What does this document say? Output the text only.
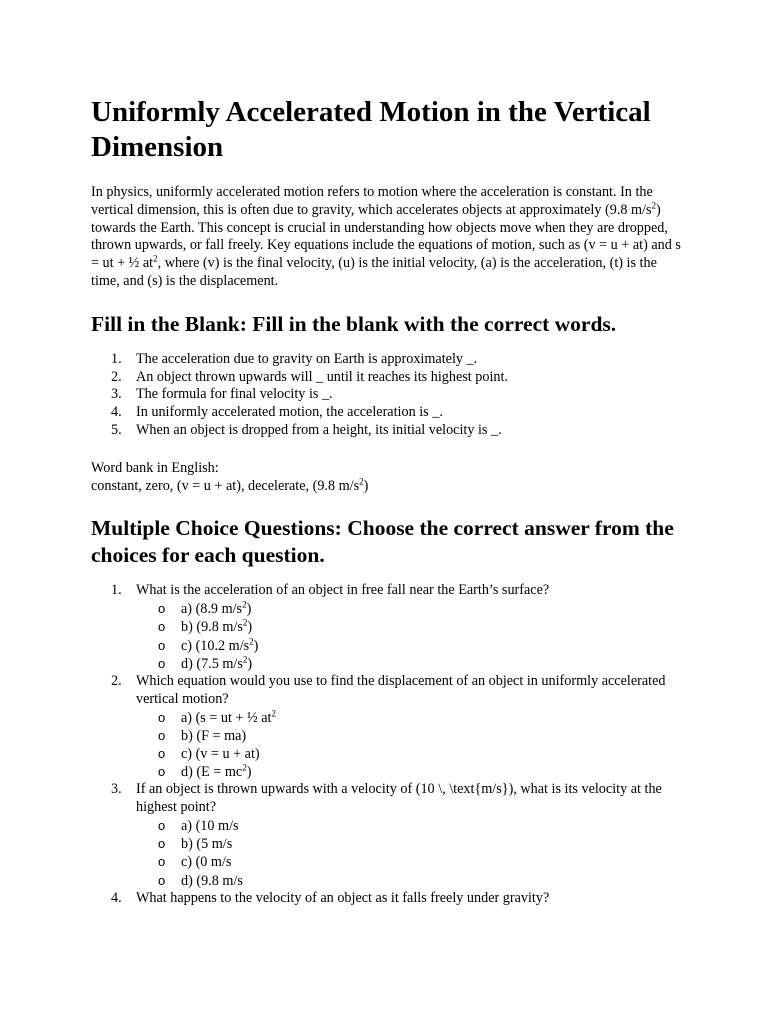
Uniformly Accelerated Motion in the Vertical Dimension

In physics, uniformly accelerated motion refers to motion where the acceleration is constant. In the vertical dimension, this is often due to gravity, which accelerates objects at approximately (9.8 $m/s^2$) towards the Earth. This concept is crucial in understanding how objects move when they are dropped, thrown upwards, or fall freely. Key equations include the equations of motion, such as (v = u + at) and s = ut + ½ $at^2$, where (v) is the final velocity, (u) is the initial velocity, (a) is the acceleration, (t) is the time, and (s) is the displacement.

Fill in the Blank: Fill in the blank with the correct words.
1. The acceleration due to gravity on Earth is approximately _.
2. An object thrown upwards will _ until it reaches its highest point.
3. The formula for final velocity is _.
4. In uniformly accelerated motion, the acceleration is _.
5. When an object is dropped from a height, its initial velocity is _.
Word bank in English:
constant, zero, (v = u + at), decelerate, (9.8 $m/s^2$)
Multiple Choice Questions: Choose the correct answer from the choices for each question.
1. What is the acceleration of an object in free fall near the Earth’s surface?
o a) (8.9 $m/s^2$)
o b) (9.8 $m/s^2$)
o c) (10.2 $m/s^2$)
o d) (7.5 $m/s^2$)
2. Which equation would you use to find the displacement of an object in uniformly accelerated vertical motion?
o a) (s = ut + ½ $at^2$
o b) (F = ma)
o c) (v = u + at)
o d) $(E = mc^2)$
3. If an object is thrown upwards with a velocity of (10 \, \text{m/s}), what is its velocity at the highest point?
o a) (10 m/s
o b) (5 m/s
o c) (0 m/s
o d) (9.8 m/s
4. What happens to the velocity of an object as it falls freely under gravity?
